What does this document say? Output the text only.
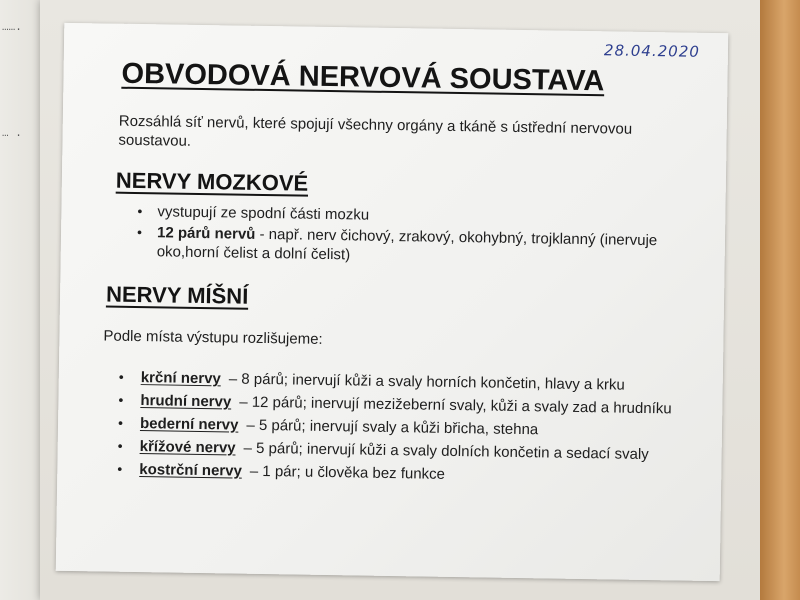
…….
… .
28.04.2020
OBVODOVÁ NERVOVÁ SOUSTAVA
Rozsáhlá síť nervů, které spojují všechny orgány a tkáně s ústřední nervovou soustavou.
NERVY MOZKOVÉ
• vystupují ze spodní části mozku
• 12 párů nervů - např. nerv čichový, zrakový, okohybný, trojklanný (inervuje oko,horní čelist a dolní čelist)
NERVY MÍŠNÍ
Podle místa výstupu rozlišujeme:
• krční nervy – 8 párů; inervují kůži a svaly horních končetin, hlavy a krku
• hrudní nervy – 12 párů; inervují mezižeberní svaly, kůži a svaly zad a hrudníku
• bederní nervy – 5 párů; inervují svaly a kůži břicha, stehna
• křížové nervy – 5 párů; inervují kůži a svaly dolních končetin a sedací svaly
• kostrční nervy – 1 pár; u člověka bez funkce
